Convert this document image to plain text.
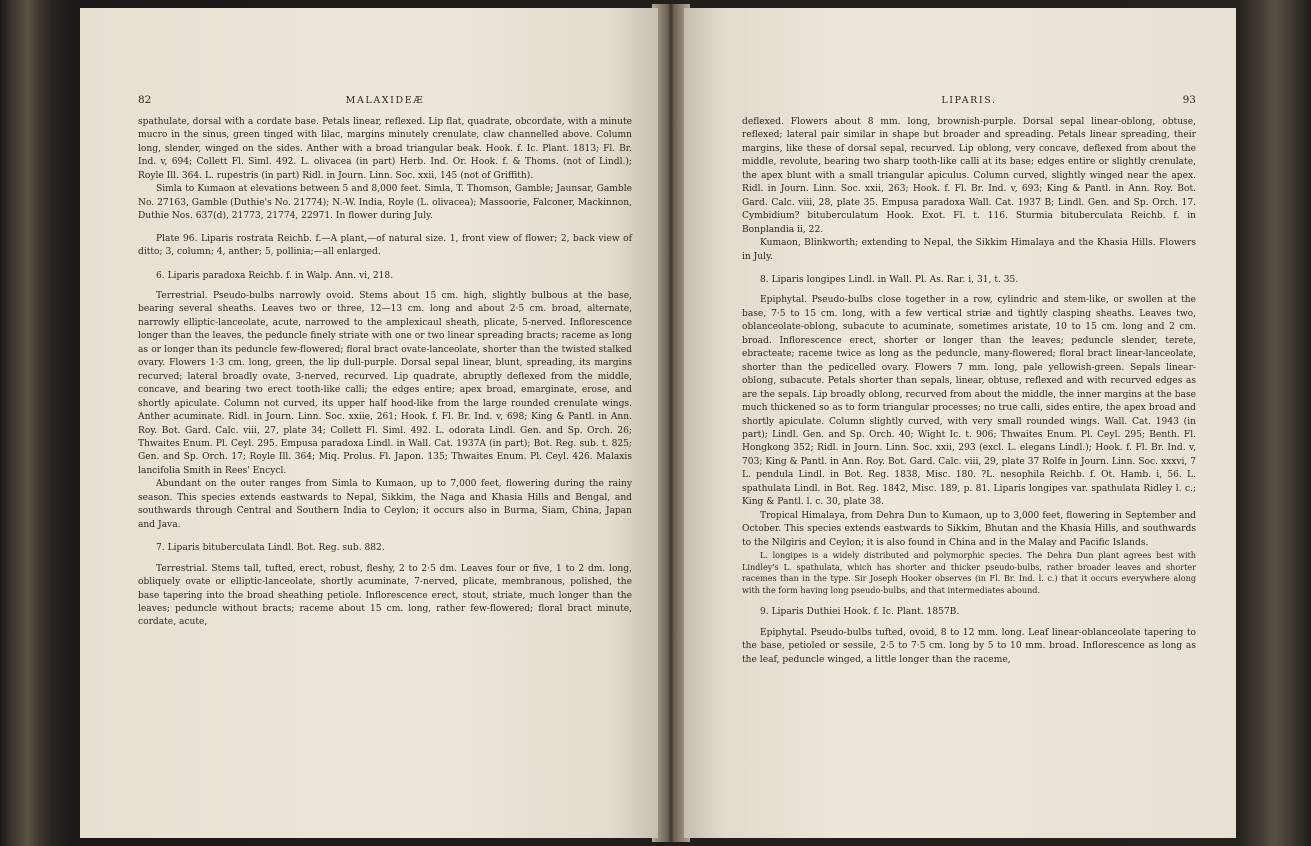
82	MALAXIDEÆ

spathulate, dorsal with a cordate base. Petals linear, reflexed. Lip flat, quadrate, obcordate, with a minute mucro in the sinus, green tinged with lilac, margins minutely crenulate, claw channelled above. Column long, slender, winged on the sides. Anther with a broad triangular beak. Hook. f. Ic. Plant. 1813; Fl. Br. Ind. v, 694; Collett Fl. Siml. 492. L. olivacea (in part) Herb. Ind. Or. Hook. f. & Thoms. (not of Lindl.); Royle Ill. 364. L. rupestris (in part) Ridl. in Journ. Linn. Soc. xxii, 145 (not of Griffith).

Simla to Kumaon at elevations between 5 and 8,000 feet. Simla, T. Thomson, Gamble; Jaunsar, Gamble No. 27163, Gamble (Duthie's No. 21774); N.-W. India, Royle (L. olivacea); Massoorie, Falconer, Mackinnon, Duthie Nos. 637(d), 21773, 21774, 22971. In flower during July.

Plate 96. Liparis rostrata Reichb. f.—A plant,—of natural size. 1, front view of flower; 2, back view of ditto; 3, column; 4, anther; 5, pollinia;—all enlarged.

6. Liparis paradoxa Reichb. f. in Walp. Ann. vi, 218.

Terrestrial. Pseudo-bulbs narrowly ovoid. Stems about 15 cm. high, slightly bulbous at the base, bearing several sheaths. Leaves two or three, 12—13 cm. long and about 2·5 cm. broad, alternate, narrowly elliptic-lanceolate, acute, narrowed to the amplexicaul sheath, plicate, 5-nerved. Inflorescence longer than the leaves, the peduncle finely striate with one or two linear spreading bracts; raceme as long as or longer than its peduncle few-flowered; floral bract ovate-lanceolate, shorter than the twisted stalked ovary. Flowers 1·3 cm. long, green, the lip dull-purple. Dorsal sepal linear, blunt, spreading, its margins recurved; lateral broadly ovate, 3-nerved, recurved. Lip quadrate, abruptly deflexed from the middle, concave, and bearing two erect tooth-like calli; the edges entire; apex broad, emarginate, erose, and shortly apiculate. Column not curved, its upper half hood-like from the large rounded crenulate wings. Anther acuminate. Ridl. in Journ. Linn. Soc. xxiie, 261; Hook. f. Fl. Br. Ind. v, 698; King & Pantl. in Ann. Roy. Bot. Gard. Calc. viii, 27, plate 34; Collett Fl. Siml. 492. L. odorata Lindl. Gen. and Sp. Orch. 26; Thwaites Enum. Pl. Ceyl. 295. Empusa paradoxa Lindl. in Wall. Cat. 1937A (in part); Bot. Reg. sub. t. 825; Gen. and Sp. Orch. 17; Royle Ill. 364; Miq. Prolus. Fl. Japon. 135; Thwaites Enum. Pl. Ceyl. 426. Malaxis lancifolia Smith in Rees' Encycl.

Abundant on the outer ranges from Simla to Kumaon, up to 7,000 feet, flowering during the rainy season. This species extends eastwards to Nepal, Sikkim, the Naga and Khasia Hills and Bengal, and southwards through Central and Southern India to Ceylon; it occurs also in Burma, Siam, China, Japan and Java.

7. Liparis bituberculata Lindl. Bot. Reg. sub. 882.

Terrestrial. Stems tall, tufted, erect, robust, fleshy, 2 to 2·5 dm. Leaves four or five, 1 to 2 dm. long, obliquely ovate or elliptic-lanceolate, shortly acuminate, 7-nerved, plicate, membranous, polished, the base tapering into the broad sheathing petiole. Inflorescence erect, stout, striate, much longer than the leaves; peduncle without bracts; raceme about 15 cm. long, rather few-flowered; floral bract minute, cordate, acute,

LIPARIS.	93

deflexed. Flowers about 8 mm. long, brownish-purple. Dorsal sepal linear-oblong, obtuse, reflexed; lateral pair similar in shape but broader and spreading. Petals linear spreading, their margins, like these of dorsal sepal, recurved. Lip oblong, very concave, deflexed from about the middle, revolute, bearing two sharp tooth-like calli at its base; edges entire or slightly crenulate, the apex blunt with a small triangular apiculus. Column curved, slightly winged near the apex. Ridl. in Journ. Linn. Soc. xxii, 263; Hook. f. Fl. Br. Ind. v, 693; King & Pantl. in Ann. Roy. Bot. Gard. Calc. viii, 28, plate 35. Empusa paradoxa Wall. Cat. 1937 B; Lindl. Gen. and Sp. Orch. 17. Cymbidium? bituberculatum Hook. Exot. Fl. t. 116. Sturmia bituberculata Reichb. f. in Bonplandia ii, 22.

Kumaon, Blinkworth; extending to Nepal, the Sikkim Himalaya and the Khasia Hills. Flowers in July.

8. Liparis longipes Lindl. in Wall. Pl. As. Rar. i, 31, t. 35.

Epiphytal. Pseudo-bulbs close together in a row, cylindric and stem-like, or swollen at the base, 7·5 to 15 cm. long, with a few vertical striæ and tightly clasping sheaths. Leaves two, oblanceolate-oblong, subacute to acuminate, sometimes aristate, 10 to 15 cm. long and 2 cm. broad. Inflorescence erect, shorter or longer than the leaves; peduncle slender, terete, ebracteate; raceme twice as long as the peduncle, many-flowered; floral bract linear-lanceolate, shorter than the pedicelled ovary. Flowers 7 mm. long, pale yellowish-green. Sepals linear-oblong, subacute. Petals shorter than sepals, linear, obtuse, reflexed and with recurved edges as are the sepals. Lip broadly oblong, recurved from about the middle, the inner margins at the base much thickened so as to form triangular processes; no true calli, sides entire, the apex broad and shortly apiculate. Column slightly curved, with very small rounded wings. Wall. Cat. 1943 (in part); Lindl. Gen. and Sp. Orch. 40; Wight Ic. t. 906; Thwaites Enum. Pl. Ceyl. 295; Benth. Fl. Hongkong 352; Ridl. in Journ. Linn. Soc. xxii, 293 (excl. L. elegans Lindl.); Hook. f. Fl. Br. Ind. v, 703; King & Pantl. in Ann. Roy. Bot. Gard. Calc. viii, 29, plate 37 Rolfe in Journ. Linn. Soc. xxxvi, 7 L. pendula Lindl. in Bot. Reg. 1838, Misc. 180. ?L. nesophila Reichb. f. Ot. Hamb. i, 56. L. spathulata Lindl. in Bot. Reg. 1842, Misc. 189, p. 81. Liparis longipes var. spathulata Ridley l. c.; King & Pantl. l. c. 30, plate 38.

Tropical Himalaya, from Dehra Dun to Kumaon, up to 3,000 feet, flowering in September and October. This species extends eastwards to Sikkim, Bhutan and the Khasia Hills, and southwards to the Nilgiris and Ceylon; it is also found in China and in the Malay and Pacific Islands.

L. longipes is a widely distributed and polymorphic species. The Dehra Dun plant agrees best with Lindley's L. spathulata, which has shorter and thicker pseudo-bulbs, rather broader leaves and shorter racemes than in the type. Sir Joseph Hooker observes (in Fl. Br. Ind. l. c.) that it occurs everywhere along with the form having long pseudo-bulbs, and that intermediates abound.

9. Liparis Duthiei Hook. f. Ic. Plant. 1857B.

Epiphytal. Pseudo-bulbs tufted, ovoid, 8 to 12 mm. long. Leaf linear-oblanceolate tapering to the base, petioled or sessile, 2·5 to 7·5 cm. long by 5 to 10 mm. broad. Inflorescence as long as the leaf, peduncle winged, a little longer than the raceme,
